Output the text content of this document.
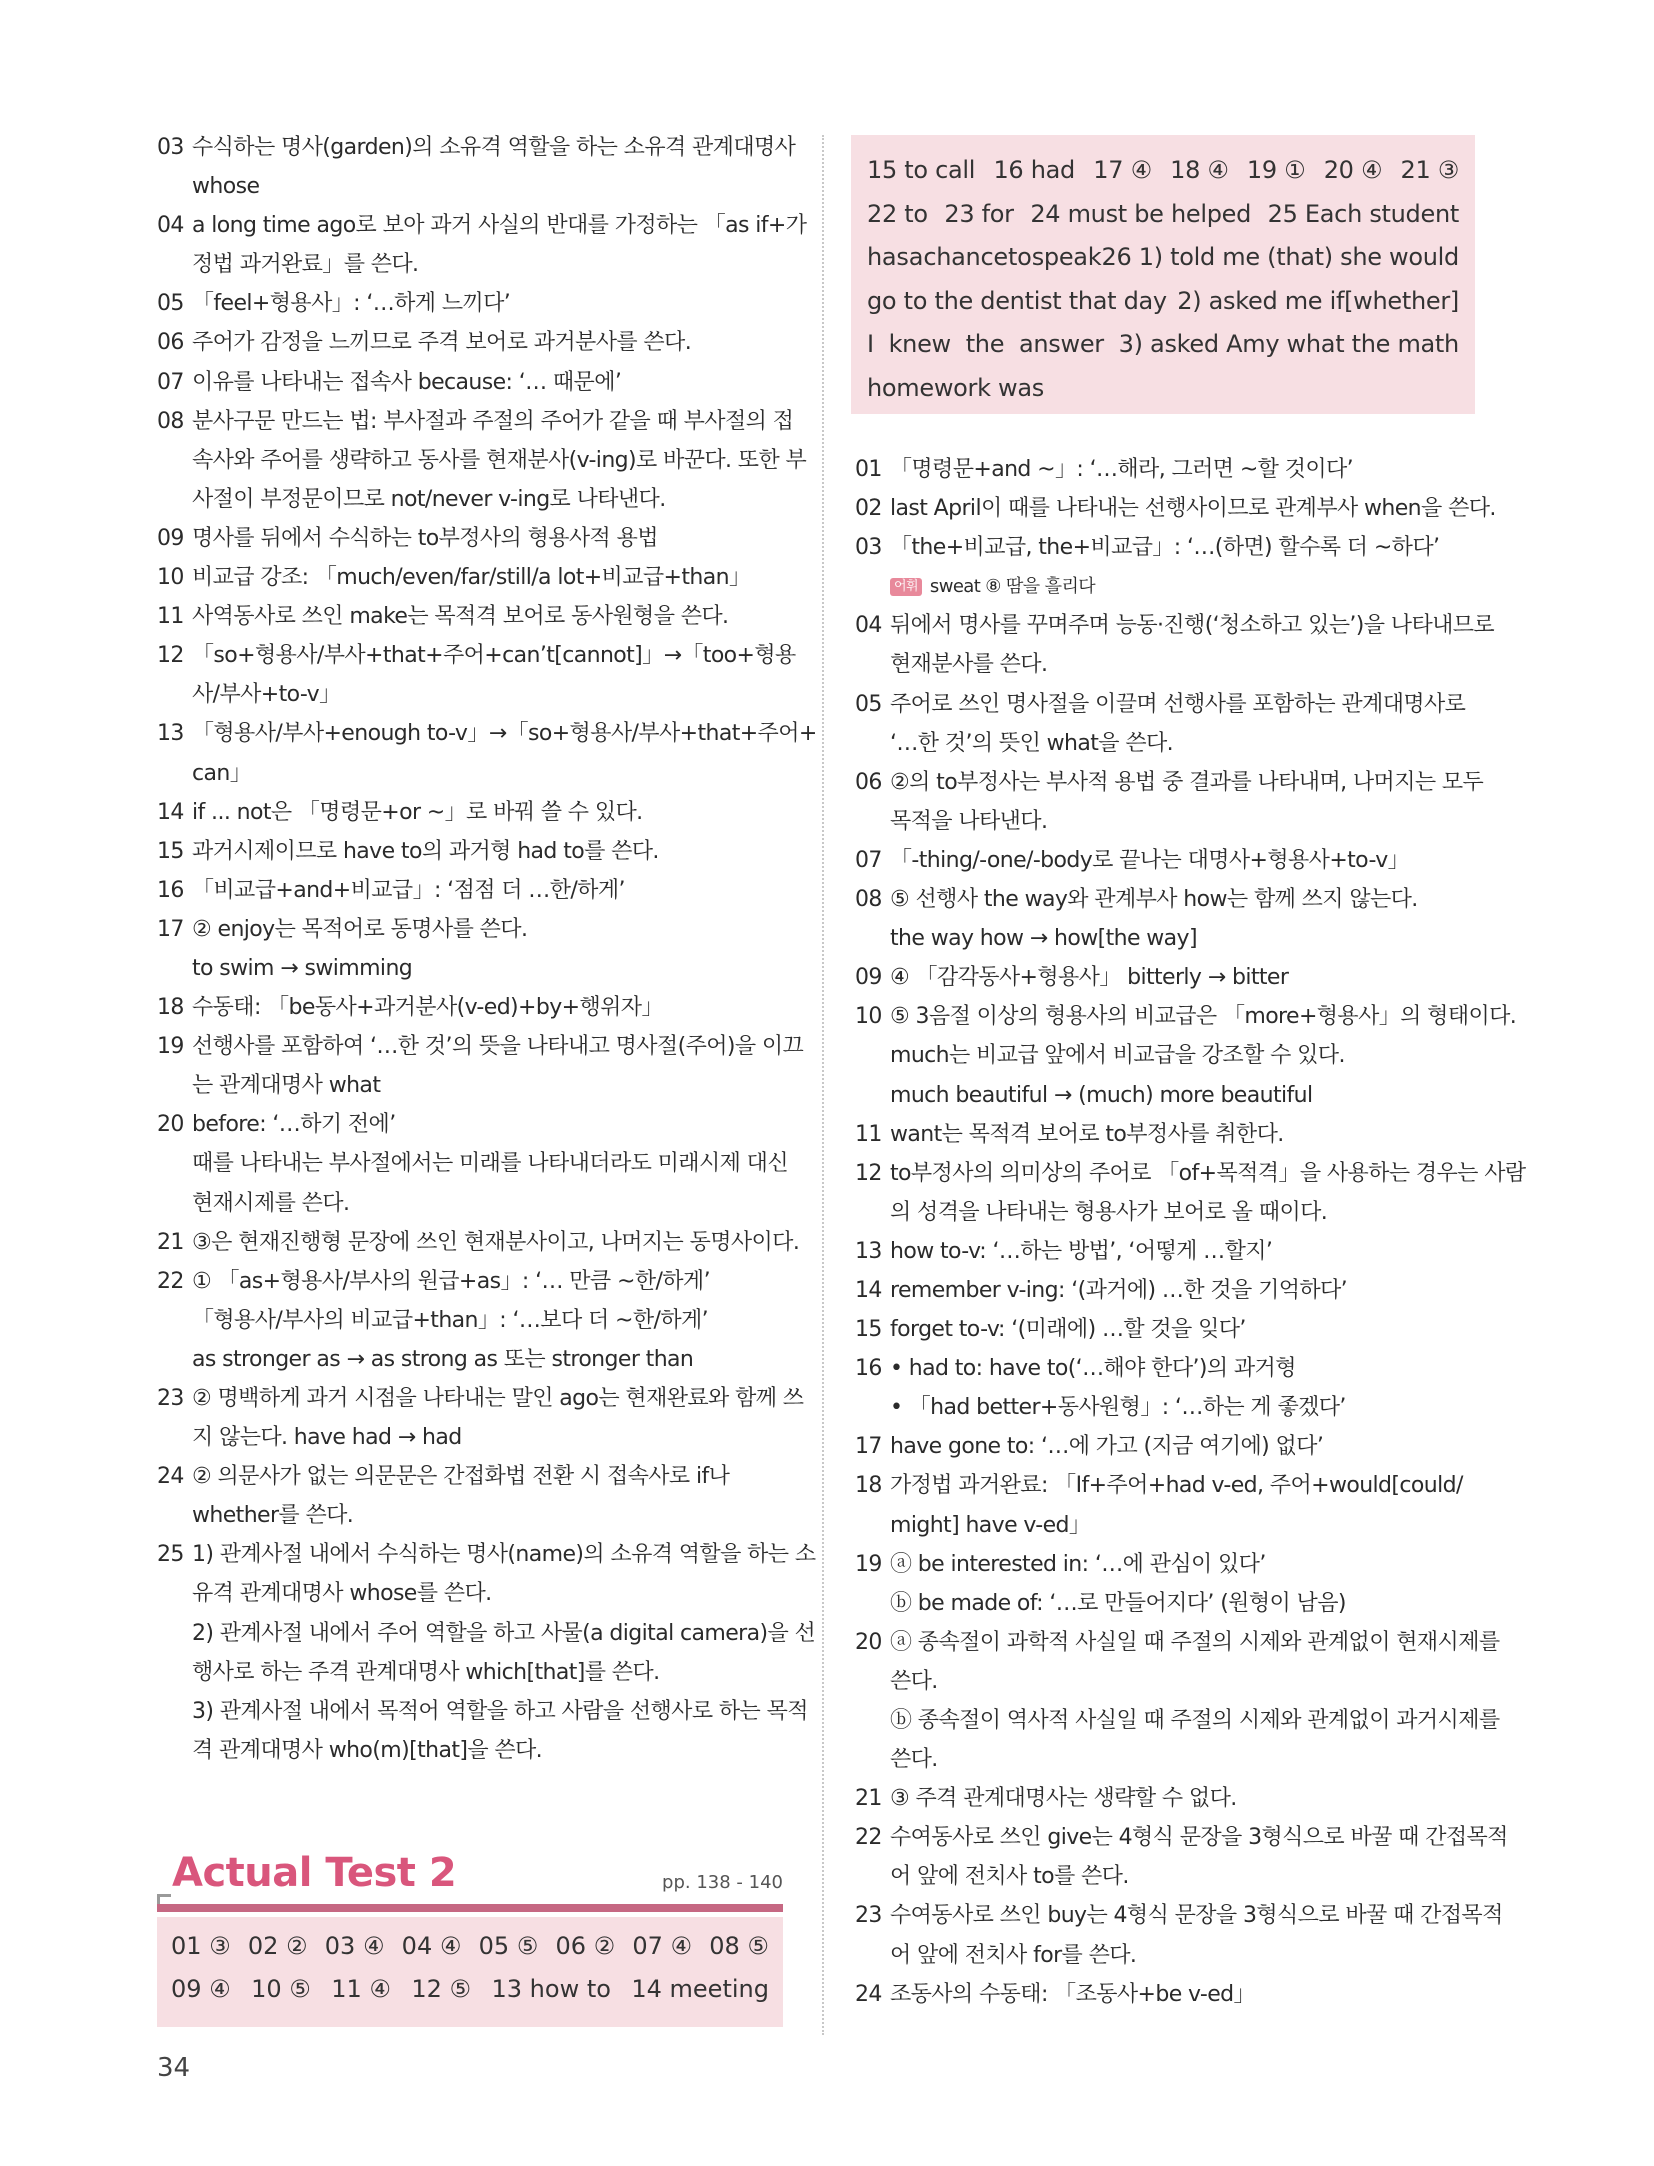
03 수식하는 명사(garden)의 소유격 역할을 하는 소유격 관계대명사
whose
04 a long time ago로 보아 과거 사실의 반대를 가정하는 「as if+가
정법 과거완료」를 쓴다.
05 「feel+형용사」: ‘…하게 느끼다’
06 주어가 감정을 느끼므로 주격 보어로 과거분사를 쓴다.
07 이유를 나타내는 접속사 because: ‘… 때문에’
08 분사구문 만드는 법: 부사절과 주절의 주어가 같을 때 부사절의 접
속사와 주어를 생략하고 동사를 현재분사(v-ing)로 바꾼다. 또한 부
사절이 부정문이므로 not/never v-ing로 나타낸다.
09 명사를 뒤에서 수식하는 to부정사의 형용사적 용법
10 비교급 강조: 「much/even/far/still/a lot+비교급+than」
11 사역동사로 쓰인 make는 목적격 보어로 동사원형을 쓴다.
12 「so+형용사/부사+that+주어+can’t[cannot]」→「too+형용
사/부사+to-v」
13 「형용사/부사+enough to-v」→「so+형용사/부사+that+주어+
can」
14 if ... not은 「명령문+or ~」로 바꿔 쓸 수 있다.
15 과거시제이므로 have to의 과거형 had to를 쓴다.
16 「비교급+and+비교급」: ‘점점 더 …한/하게’
17 ② enjoy는 목적어로 동명사를 쓴다.
to swim → swimming
18 수동태: 「be동사+과거분사(v-ed)+by+행위자」
19 선행사를 포함하여 ‘…한 것’의 뜻을 나타내고 명사절(주어)을 이끄
는 관계대명사 what
20 before: ‘…하기 전에’
때를 나타내는 부사절에서는 미래를 나타내더라도 미래시제 대신
현재시제를 쓴다.
21 ③은 현재진행형 문장에 쓰인 현재분사이고, 나머지는 동명사이다.
22 ① 「as+형용사/부사의 원급+as」: ‘… 만큼 ~한/하게’
「형용사/부사의 비교급+than」: ‘…보다 더 ~한/하게’
as stronger as → as strong as 또는 stronger than
23 ② 명백하게 과거 시점을 나타내는 말인 ago는 현재완료와 함께 쓰
지 않는다. have had → had
24 ② 의문사가 없는 의문문은 간접화법 전환 시 접속사로 if나
whether를 쓴다.
25 1) 관계사절 내에서 수식하는 명사(name)의 소유격 역할을 하는 소
유격 관계대명사 whose를 쓴다.
2) 관계사절 내에서 주어 역할을 하고 사물(a digital camera)을 선
행사로 하는 주격 관계대명사 which[that]를 쓴다.
3) 관계사절 내에서 목적어 역할을 하고 사람을 선행사로 하는 목적
격 관계대명사 who(m)[that]을 쓴다.
15 to call 16 had 17 ④ 18 ④ 19 ① 20 ④ 21 ③
22 to 23 for 24 must be helped 25 Each student
has a chance to speak 26 1) told me (that) she would
go to the dentist that day 2) asked me if[whether]
I knew the answer 3) asked Amy what the math
homework was
01 「명령문+and ~」: ‘…해라, 그러면 ~할 것이다’
02 last April이 때를 나타내는 선행사이므로 관계부사 when을 쓴다.
03 「the+비교급, the+비교급」: ‘…(하면) 할수록 더 ~하다’
어휘 sweat ⑧ 땀을 흘리다
04 뒤에서 명사를 꾸며주며 능동·진행(‘청소하고 있는’)을 나타내므로
현재분사를 쓴다.
05 주어로 쓰인 명사절을 이끌며 선행사를 포함하는 관계대명사로
‘…한 것’의 뜻인 what을 쓴다.
06 ②의 to부정사는 부사적 용법 중 결과를 나타내며, 나머지는 모두
목적을 나타낸다.
07 「-thing/-one/-body로 끝나는 대명사+형용사+to-v」
08 ⑤ 선행사 the way와 관계부사 how는 함께 쓰지 않는다.
the way how → how[the way]
09 ④ 「감각동사+형용사」 bitterly → bitter
10 ⑤ 3음절 이상의 형용사의 비교급은 「more+형용사」의 형태이다.
much는 비교급 앞에서 비교급을 강조할 수 있다.
much beautiful → (much) more beautiful
11 want는 목적격 보어로 to부정사를 취한다.
12 to부정사의 의미상의 주어로 「of+목적격」을 사용하는 경우는 사람
의 성격을 나타내는 형용사가 보어로 올 때이다.
13 how to-v: ‘…하는 방법’, ‘어떻게 …할지’
14 remember v-ing: ‘(과거에) …한 것을 기억하다’
15 forget to-v: ‘(미래에) …할 것을 잊다’
16 • had to: have to(‘…해야 한다’)의 과거형
• 「had better+동사원형」: ‘…하는 게 좋겠다’
17 have gone to: ‘…에 가고 (지금 여기에) 없다’
18 가정법 과거완료: 「If+주어+had v-ed, 주어+would[could/
might] have v-ed」
19 ⓐ be interested in: ‘…에 관심이 있다’
ⓑ be made of: ‘…로 만들어지다’ (원형이 남음)
20 ⓐ 종속절이 과학적 사실일 때 주절의 시제와 관계없이 현재시제를
쓴다.
ⓑ 종속절이 역사적 사실일 때 주절의 시제와 관계없이 과거시제를
쓴다.
21 ③ 주격 관계대명사는 생략할 수 없다.
22 수여동사로 쓰인 give는 4형식 문장을 3형식으로 바꿀 때 간접목적
어 앞에 전치사 to를 쓴다.
23 수여동사로 쓰인 buy는 4형식 문장을 3형식으로 바꿀 때 간접목적
어 앞에 전치사 for를 쓴다.
24 조동사의 수동태: 「조동사+be v-ed」
Actual Test 2	pp. 138 - 140
01 ③ 02 ② 03 ④ 04 ④ 05 ⑤ 06 ② 07 ④ 08 ⑤
09 ④ 10 ⑤ 11 ④ 12 ⑤ 13 how to 14 meeting
34
